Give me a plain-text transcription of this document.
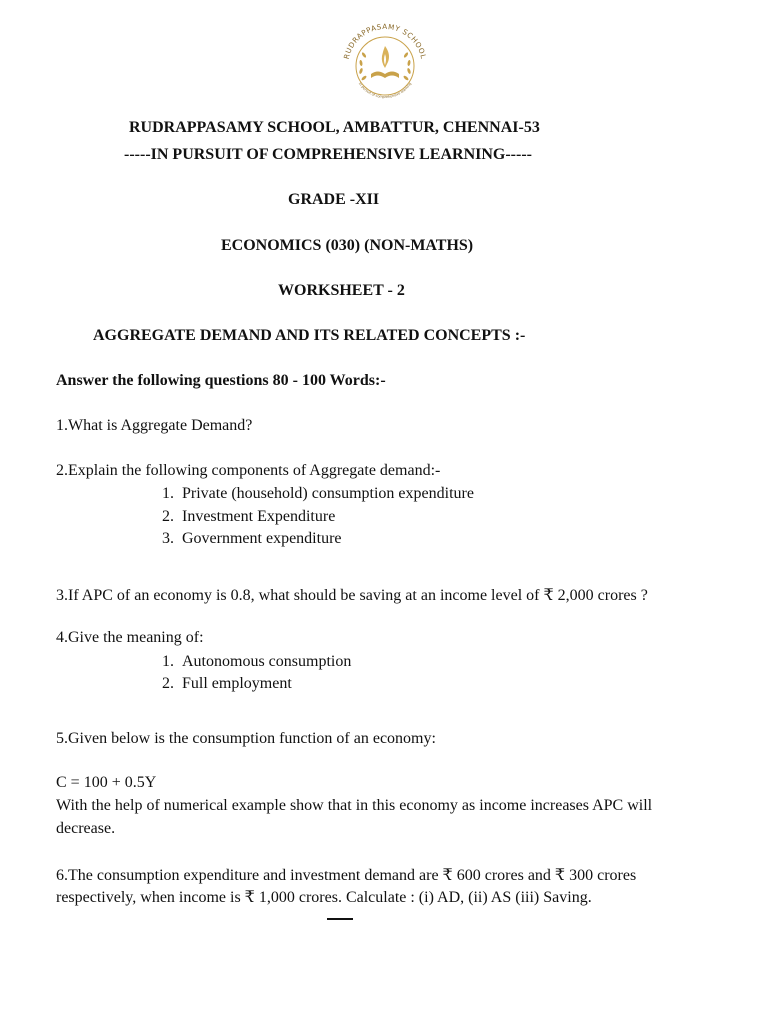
RUDRAPPASAMY SCHOOL
in pursuit of comprehensive learning
RUDRAPPASAMY SCHOOL, AMBATTUR, CHENNAI-53
-----IN PURSUIT OF COMPREHENSIVE LEARNING-----
GRADE -XII
ECONOMICS (030) (NON-MATHS)
WORKSHEET - 2
AGGREGATE DEMAND AND ITS RELATED CONCEPTS :-
Answer the following questions 80 - 100 Words:-
1.What is Aggregate Demand?
2.Explain the following components of Aggregate demand:-
1.  Private (household) consumption expenditure
2.  Investment Expenditure
3.  Government expenditure
3.If APC of an economy is 0.8, what should be saving at an income level of ₹ 2,000 crores ?
4.Give the meaning of:
1.  Autonomous consumption
2.  Full employment
5.Given below is the consumption function of an economy:
C = 100 + 0.5Y
With the help of numerical example show that in this economy as income increases APC will
decrease.
6.The consumption expenditure and investment demand are ₹ 600 crores and ₹ 300 crores
respectively, when income is ₹ 1,000 crores. Calculate : (i) AD, (ii) AS (iii) Saving.
